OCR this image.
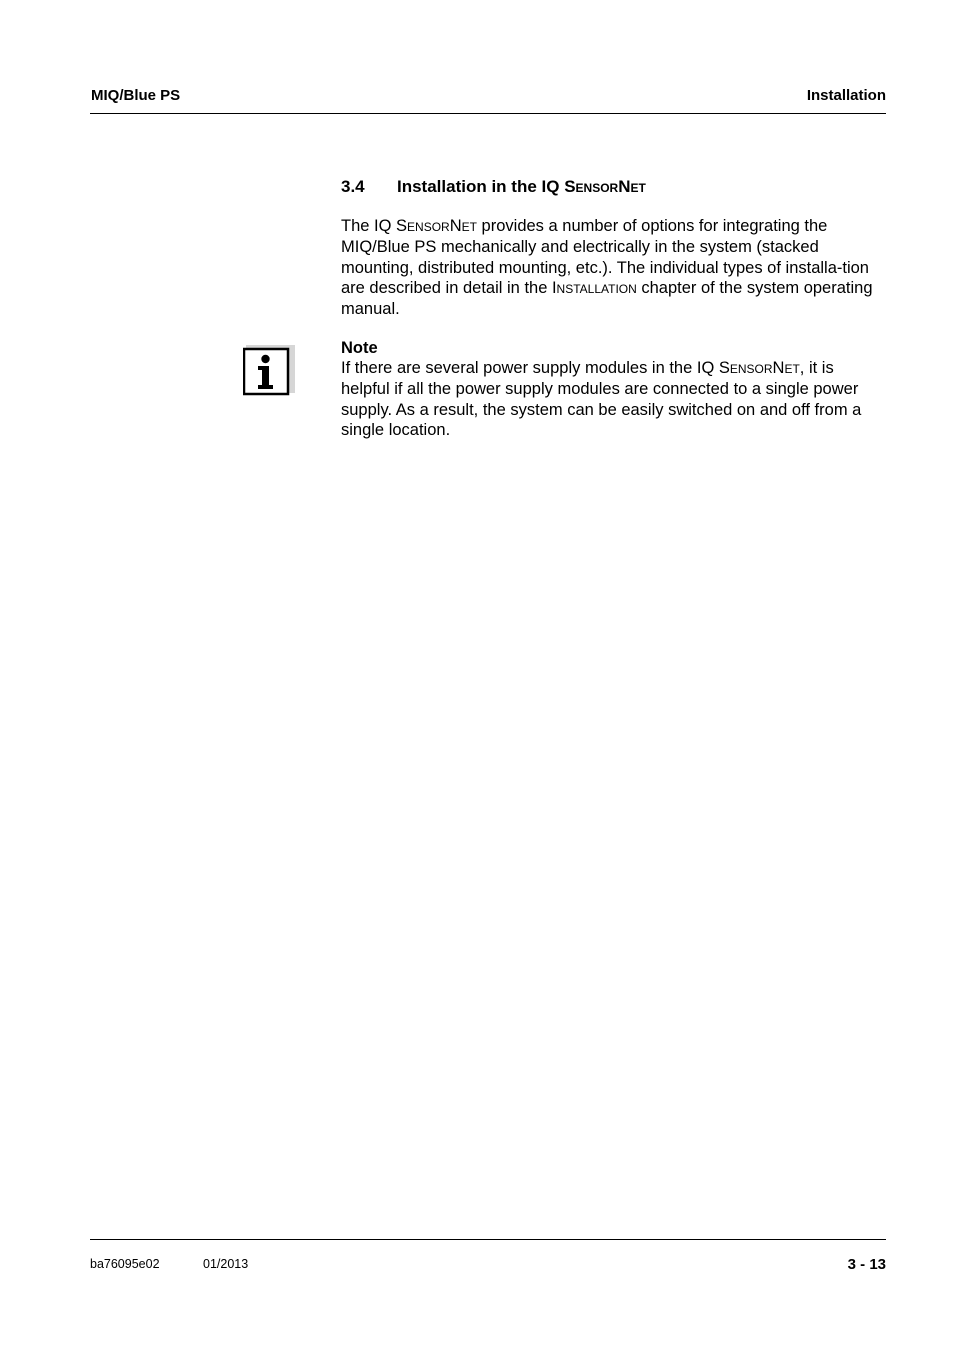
MIQ/Blue PS	Installation
3.4 Installation in the IQ SensorNet
The IQ SensorNet provides a number of options for integrating the MIQ/Blue PS mechanically and electrically in the system (stacked mounting, distributed mounting, etc.). The individual types of installa-tion are described in detail in the Installation chapter of the system operating manual.
Note
If there are several power supply modules in the IQ SensorNet, it is helpful if all the power supply modules are connected to a single power supply. As a result, the system can be easily switched on and off from a single location.
ba76095e02	01/2013	3 - 13
